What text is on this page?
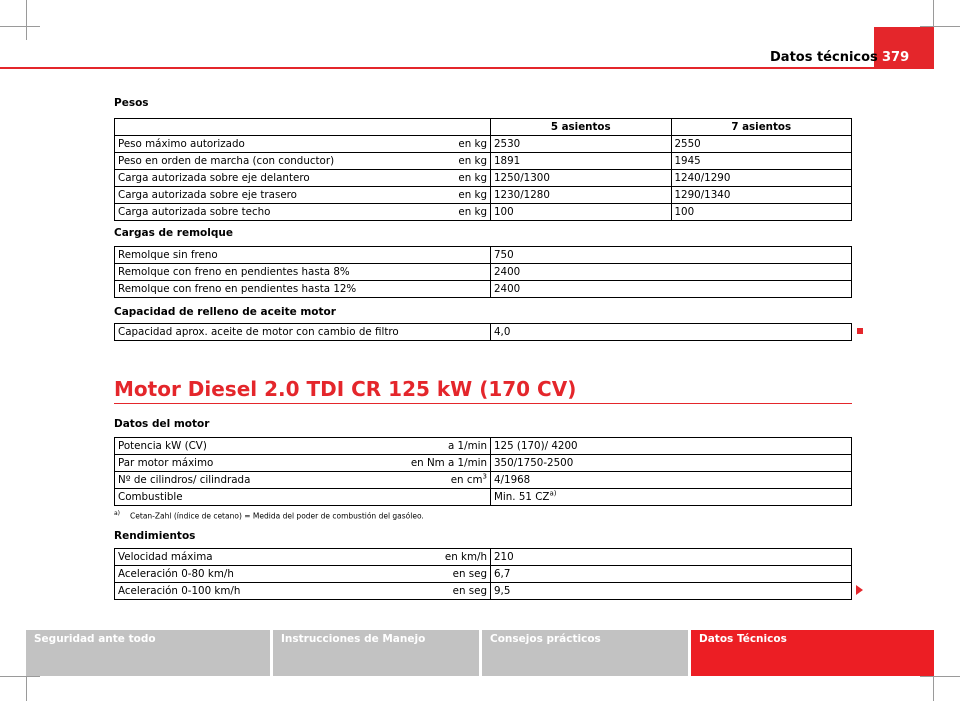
Datos técnicos 379
Pesos
	5 asientos	7 asientos

Peso máximo autorizado en kg	2530	2550

Peso en orden de marcha (con conductor) en kg	1891	1945

Carga autorizada sobre eje delantero en kg	1250/1300	1240/1290

Carga autorizada sobre eje trasero en kg	1230/1280	1290/1340

Carga autorizada sobre techo en kg	100	100
Cargas de remolque
Remolque sin freno	750
Remolque con freno en pendientes hasta 8%	2400
Remolque con freno en pendientes hasta 12%	2400
Capacidad de relleno de aceite motor
Capacidad aprox. aceite de motor con cambio de filtro	4,0
Motor Diesel 2.0 TDI CR 125 kW (170 CV)
Datos del motor
Potencia kW (CV) a 1/min	125 (170)/ 4200

Par motor máximo en Nm a 1/min	350/1750-2500

Nº de cilindros/ cilindrada en $cm^3$	4/1968

Combustible	Min. 51 CZ$^{a)}$
$^{a)}$ Cetan-Zahl (índice de cetano) = Medida del poder de combustión del gasóleo.
Rendimientos
Velocidad máxima en km/h	210

Aceleración 0-80 km/h en seg	6,7

Aceleración 0-100 km/h en seg	9,5
Seguridad ante todo	Instrucciones de Manejo	Consejos prácticos	Datos Técnicos
